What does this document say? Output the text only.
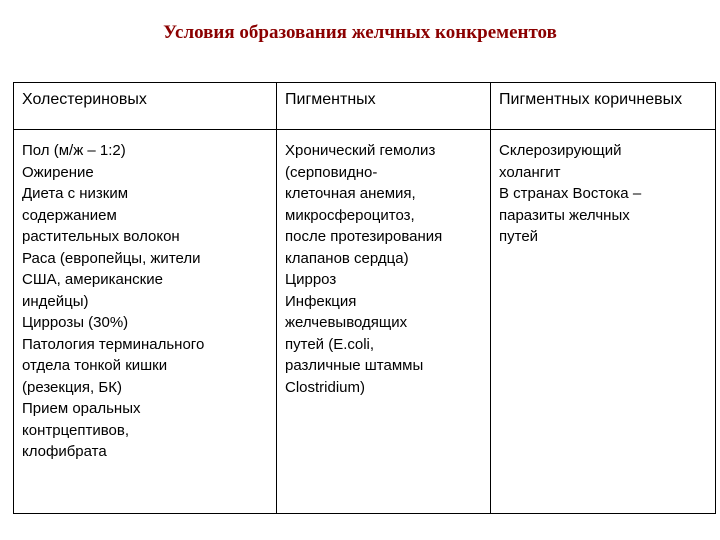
Условия образования желчных конкрементов
Холестериновых	Пигментных	Пигментных коричневых
Пол (м/ж – 1:2)
Ожирение
Диета с низким
содержанием
растительных волокон
Раса (европейцы, жители
США, американские
индейцы)
Циррозы (30%)
Патология терминального
отдела тонкой кишки
(резекция, БК)
Прием оральных
контрцептивов,
клофибрата
Хронический гемолиз
(серповидно-
клеточная анемия,
микросфероцитоз,
после протезирования
клапанов сердца)
Цирроз
Инфекция
желчевыводящих
путей (E.coli,
различные штаммы
Clostridium)
Склерозирующий
холангит
В странах Востока –
паразиты желчных
путей
